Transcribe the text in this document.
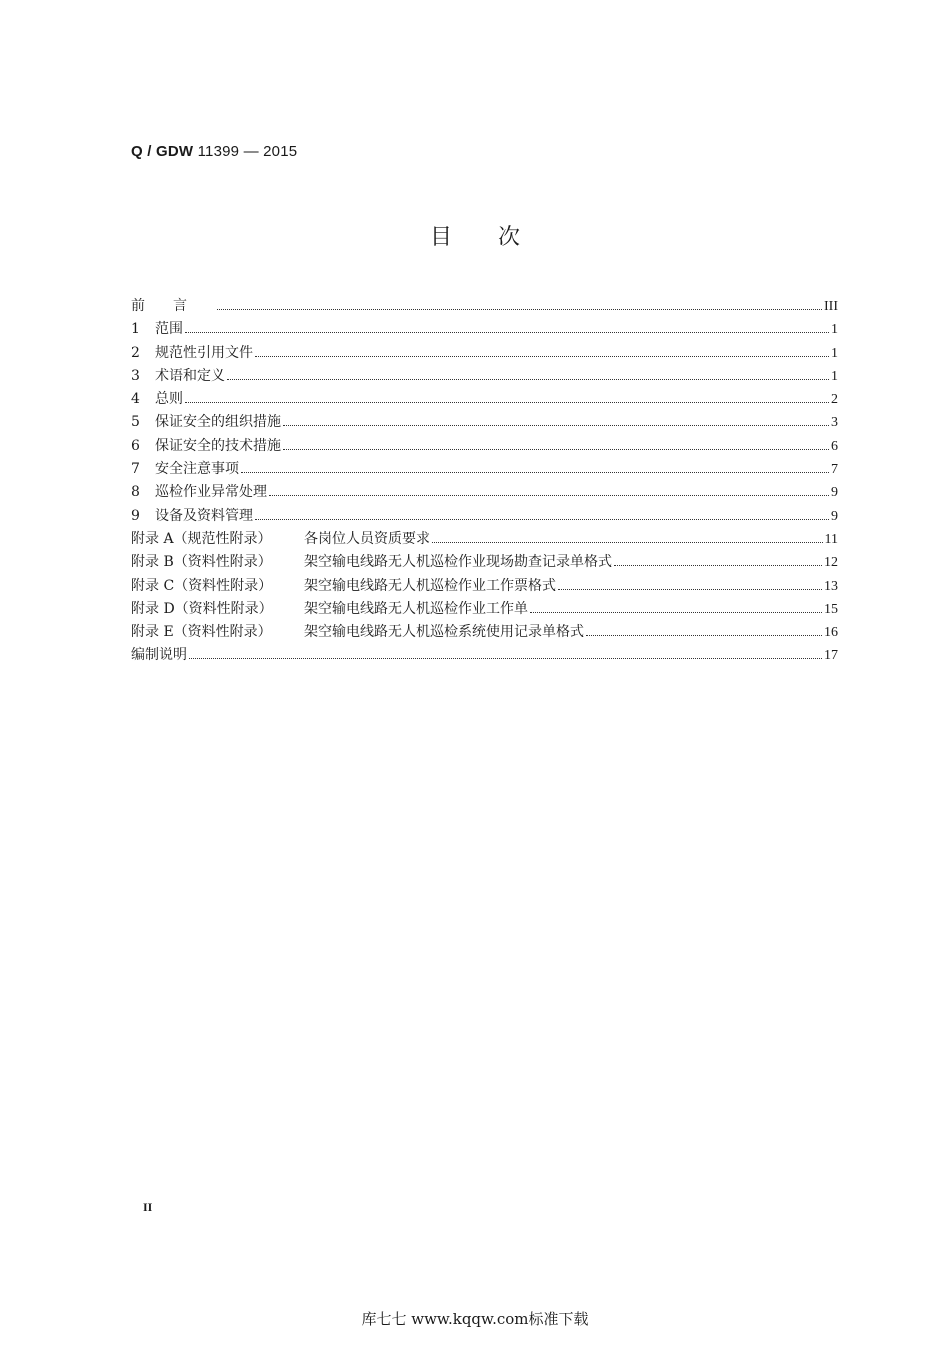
Q / GDW 11399 — 2015
目次
前言	III
1 范围	1
2 规范性引用文件	1
3 术语和定义	1
4 总则	2
5 保证安全的组织措施	3
6 保证安全的技术措施	6
7 安全注意事项	7
8 巡检作业异常处理	9
9 设备及资料管理	9
附录 A（规范性附录） 各岗位人员资质要求	11
附录 B（资料性附录） 架空输电线路无人机巡检作业现场勘查记录单格式	12
附录 C（资料性附录） 架空输电线路无人机巡检作业工作票格式	13
附录 D（资料性附录） 架空输电线路无人机巡检作业工作单	15
附录 E（资料性附录） 架空输电线路无人机巡检系统使用记录单格式	16
编制说明	17
II
库七七 www.kqqw.com标准下载
